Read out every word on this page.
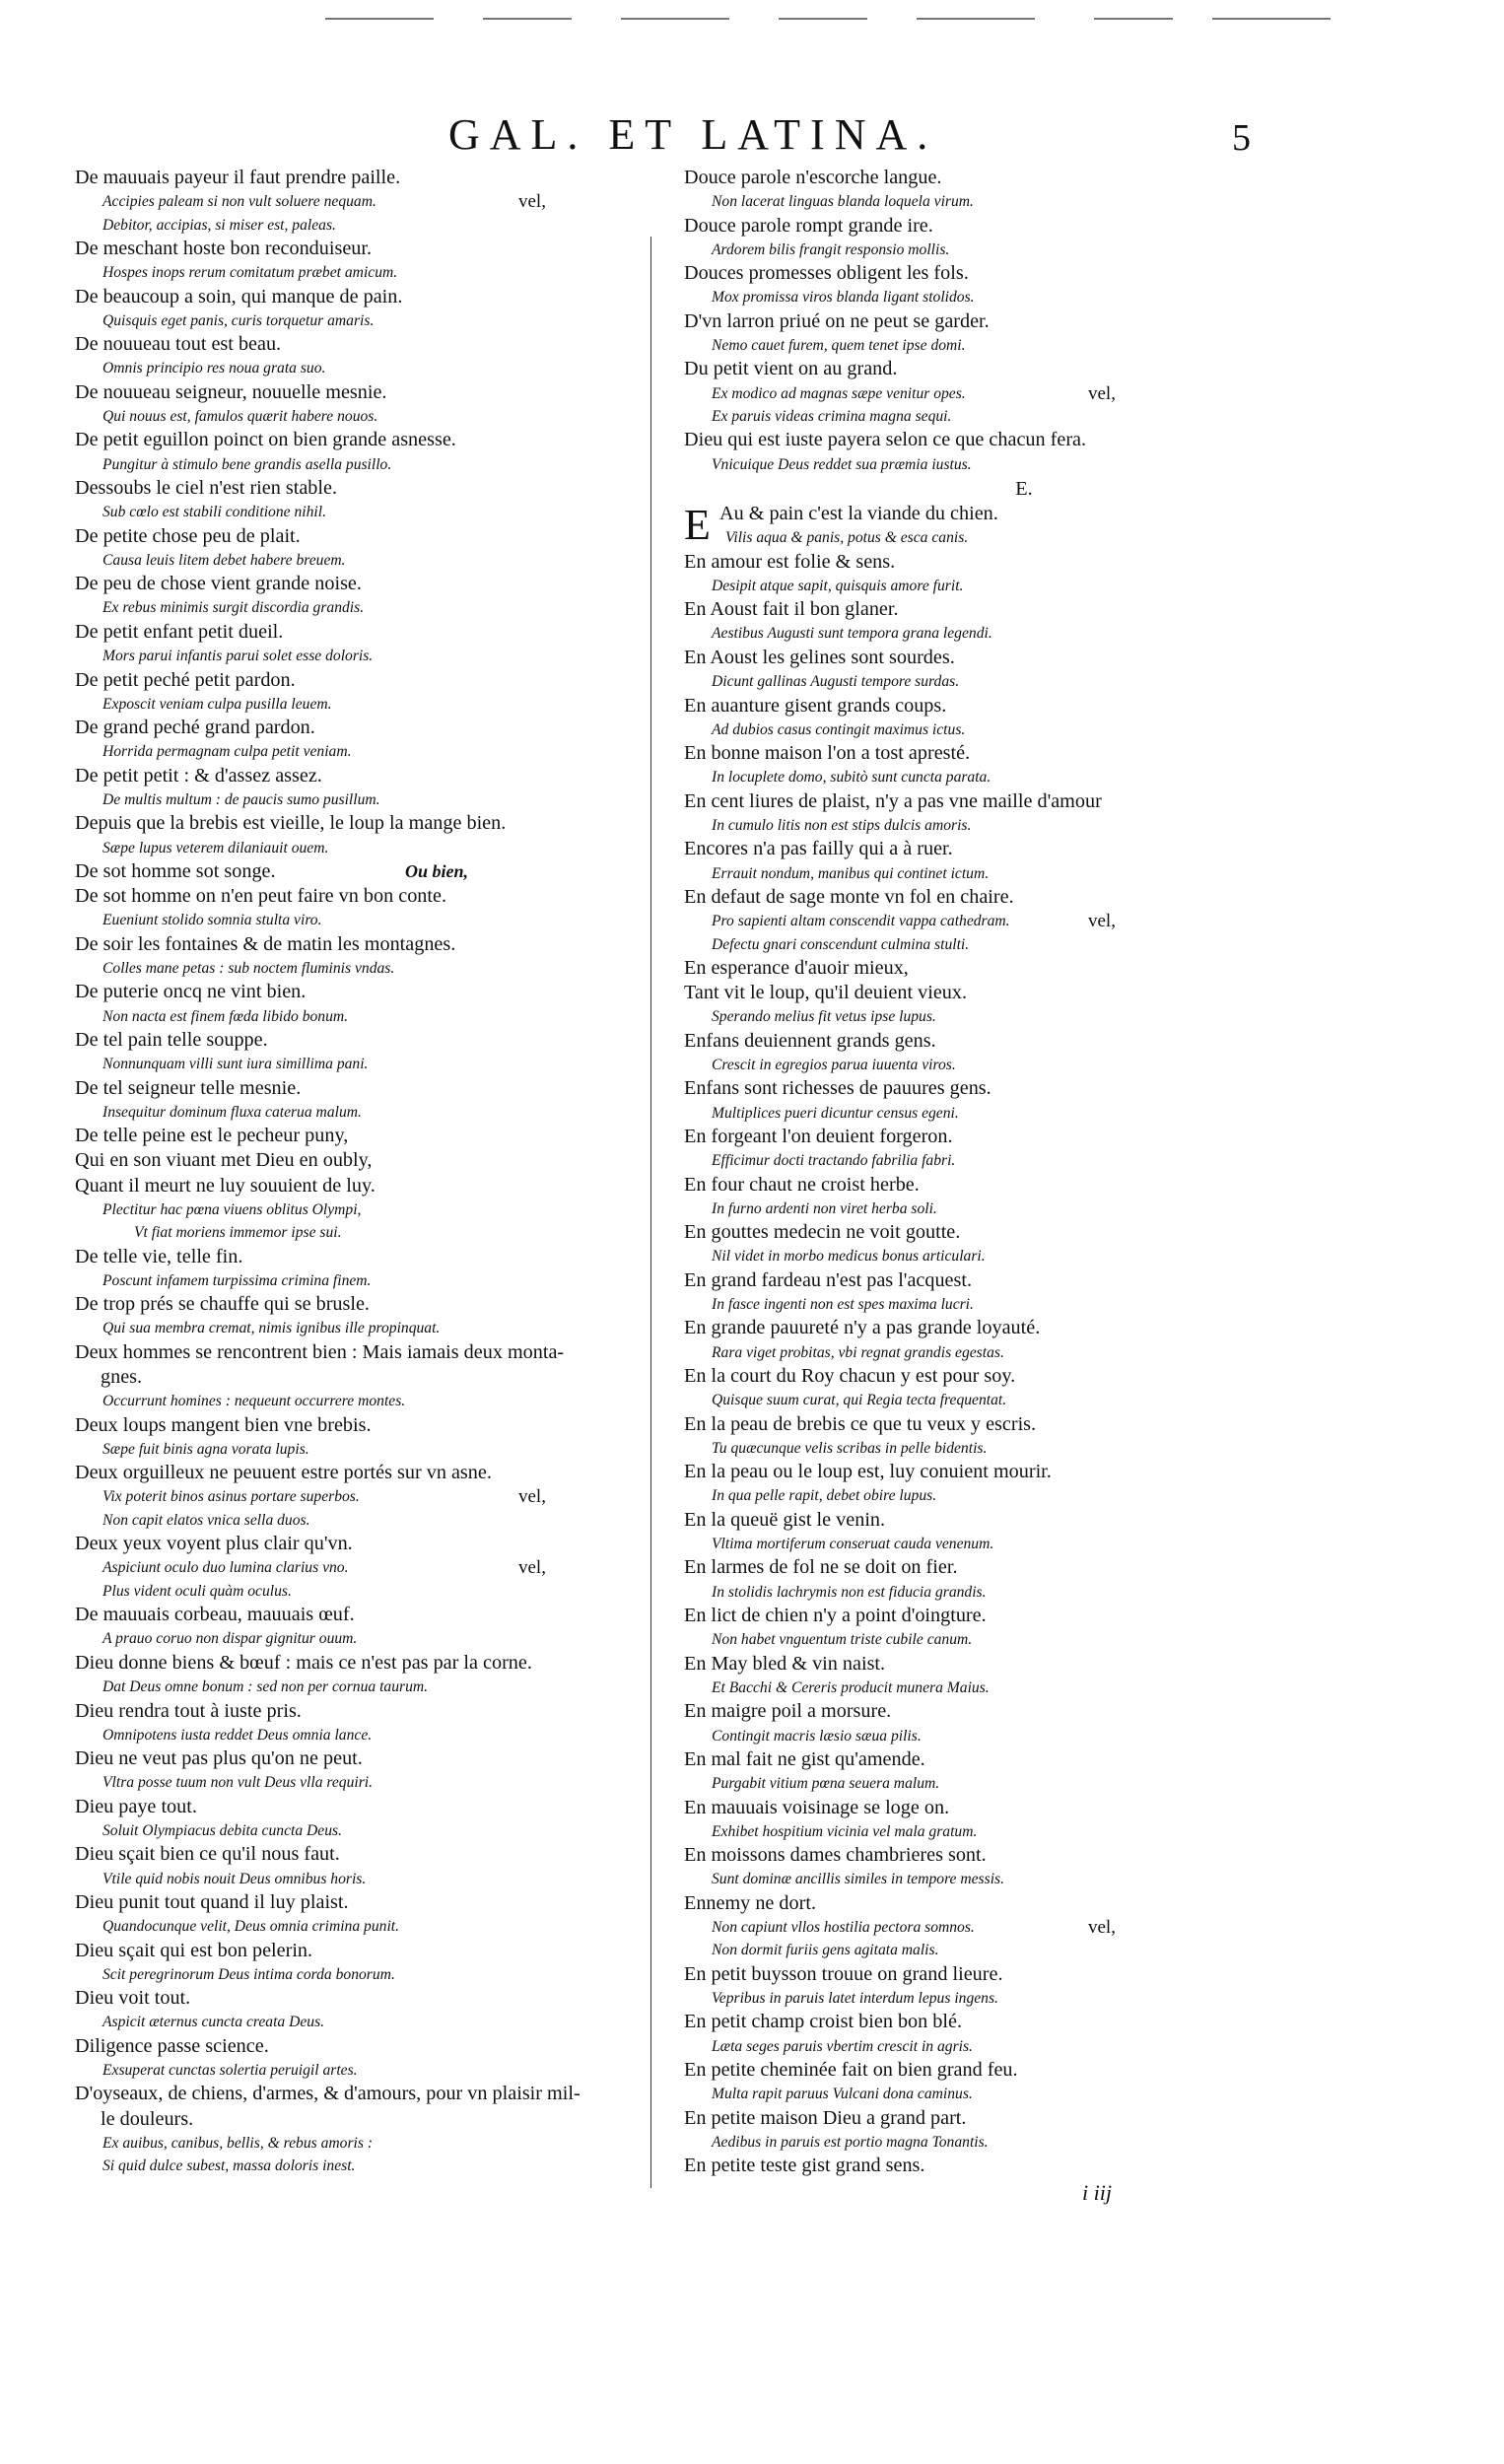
GAL. ET LATINA.	5
De mauuais payeur il faut prendre paille.
Accipies paleam si non vult soluere nequam.	vel,
Debitor, accipias, si miser est, paleas.
De meschant hoste bon reconduiseur.
Hospes inops rerum comitatum præbet amicum.
De beaucoup a soin, qui manque de pain.
Quisquis eget panis, curis torquetur amaris.
De nouueau tout est beau.
Omnis principio res noua grata suo.
De nouueau seigneur, nouuelle mesnie.
Qui nouus est, famulos quærit habere nouos.
De petit eguillon poinct on bien grande asnesse.
Pungitur à stimulo bene grandis asella pusillo.
Dessoubs le ciel n'est rien stable.
Sub cœlo est stabili conditione nihil.
De petite chose peu de plait.
Causa leuis litem debet habere breuem.
De peu de chose vient grande noise.
Ex rebus minimis surgit discordia grandis.
De petit enfant petit dueil.
Mors parui infantis parui solet esse doloris.
De petit peché petit pardon.
Exposcit veniam culpa pusilla leuem.
De grand peché grand pardon.
Horrida permagnam culpa petit veniam.
De petit petit : & d'assez assez.
De multis multum : de paucis sumo pusillum.
Depuis que la brebis est vieille, le loup la mange bien.
Sæpe lupus veterem dilaniauit ouem.
De sot homme sot songe.	Ou bien,
De sot homme on n'en peut faire vn bon conte.
Eueniunt stolido somnia stulta viro.
De soir les fontaines & de matin les montagnes.
Colles mane petas : sub noctem fluminis vndas.
De puterie oncq ne vint bien.
Non nacta est finem fœda libido bonum.
De tel pain telle souppe.
Nonnunquam villi sunt iura simillima pani.
De tel seigneur telle mesnie.
Insequitur dominum fluxa caterua malum.
De telle peine est le pecheur puny,
Qui en son viuant met Dieu en oubly,
Quant il meurt ne luy souuient de luy.
Plectitur hac pœna viuens oblitus Olympi,
Vt fiat moriens immemor ipse sui.
De telle vie, telle fin.
Poscunt infamem turpissima crimina finem.
De trop prés se chauffe qui se brusle.
Qui sua membra cremat, nimis ignibus ille propinquat.
Deux hommes se rencontrent bien : Mais iamais deux monta-
gnes.
Occurrunt homines : nequeunt occurrere montes.
Deux loups mangent bien vne brebis.
Sæpe fuit binis agna vorata lupis.
Deux orguilleux ne peuuent estre portés sur vn asne.
Vix poterit binos asinus portare superbos.	vel,
Non capit elatos vnica sella duos.
Deux yeux voyent plus clair qu'vn.
Aspiciunt oculo duo lumina clarius vno.	vel,
Plus vident oculi quàm oculus.
De mauuais corbeau, mauuais œuf.
A prauo coruo non dispar gignitur ouum.
Dieu donne biens & bœuf : mais ce n'est pas par la corne.
Dat Deus omne bonum : sed non per cornua taurum.
Dieu rendra tout à iuste pris.
Omnipotens iusta reddet Deus omnia lance.
Dieu ne veut pas plus qu'on ne peut.
Vltra posse tuum non vult Deus vlla requiri.
Dieu paye tout.
Soluit Olympiacus debita cuncta Deus.
Dieu sçait bien ce qu'il nous faut.
Vtile quid nobis nouit Deus omnibus horis.
Dieu punit tout quand il luy plaist.
Quandocunque velit, Deus omnia crimina punit.
Dieu sçait qui est bon pelerin.
Scit peregrinorum Deus intima corda bonorum.
Dieu voit tout.
Aspicit æternus cuncta creata Deus.
Diligence passe science.
Exsuperat cunctas solertia peruigil artes.
D'oyseaux, de chiens, d'armes, & d'amours, pour vn plaisir mil-
le douleurs.
Ex auibus, canibus, bellis, & rebus amoris :
Si quid dulce subest, massa doloris inest.
Douce parole n'escorche langue.
Non lacerat linguas blanda loquela virum.
Douce parole rompt grande ire.
Ardorem bilis frangit responsio mollis.
Douces promesses obligent les fols.
Mox promissa viros blanda ligant stolidos.
D'vn larron priué on ne peut se garder.
Nemo cauet furem, quem tenet ipse domi.
Du petit vient on au grand.
Ex modico ad magnas sæpe venitur opes.	vel,
Ex paruis videas crimina magna sequi.
Dieu qui est iuste payera selon ce que chacun fera.
Vnicuique Deus reddet sua præmia iustus.
E.
E Au & pain c'est la viande du chien.
Vilis aqua & panis, potus & esca canis.
En amour est folie & sens.
Desipit atque sapit, quisquis amore furit.
En Aoust fait il bon glaner.
Aestibus Augusti sunt tempora grana legendi.
En Aoust les gelines sont sourdes.
Dicunt gallinas Augusti tempore surdas.
En auanture gisent grands coups.
Ad dubios casus contingit maximus ictus.
En bonne maison l'on a tost apresté.
In locuplete domo, subitò sunt cuncta parata.
En cent liures de plaist, n'y a pas vne maille d'amour
In cumulo litis non est stips dulcis amoris.
Encores n'a pas failly qui a à ruer.
Errauit nondum, manibus qui continet ictum.
En defaut de sage monte vn fol en chaire.
Pro sapienti altam conscendit vappa cathedram.	vel,
Defectu gnari conscendunt culmina stulti.
En esperance d'auoir mieux,
Tant vit le loup, qu'il deuient vieux.
Sperando melius fit vetus ipse lupus.
Enfans deuiennent grands gens.
Crescit in egregios parua iuuenta viros.
Enfans sont richesses de pauures gens.
Multiplices pueri dicuntur census egeni.
En forgeant l'on deuient forgeron.
Efficimur docti tractando fabrilia fabri.
En four chaut ne croist herbe.
In furno ardenti non viret herba soli.
En gouttes medecin ne voit goutte.
Nil videt in morbo medicus bonus articulari.
En grand fardeau n'est pas l'acquest.
In fasce ingenti non est spes maxima lucri.
En grande pauureté n'y a pas grande loyauté.
Rara viget probitas, vbi regnat grandis egestas.
En la court du Roy chacun y est pour soy.
Quisque suum curat, qui Regia tecta frequentat.
En la peau de brebis ce que tu veux y escris.
Tu quæcunque velis scribas in pelle bidentis.
En la peau ou le loup est, luy conuient mourir.
In qua pelle rapit, debet obire lupus.
En la queuë gist le venin.
Vltima mortiferum conseruat cauda venenum.
En larmes de fol ne se doit on fier.
In stolidis lachrymis non est fiducia grandis.
En lict de chien n'y a point d'oingture.
Non habet vnguentum triste cubile canum.
En May bled & vin naist.
Et Bacchi & Cereris producit munera Maius.
En maigre poil a morsure.
Contingit macris læsio sæua pilis.
En mal fait ne gist qu'amende.
Purgabit vitium pœna seuera malum.
En mauuais voisinage se loge on.
Exhibet hospitium vicinia vel mala gratum.
En moissons dames chambrieres sont.
Sunt dominæ ancillis similes in tempore messis.
Ennemy ne dort.
Non capiunt vllos hostilia pectora somnos.	vel,
Non dormit furiis gens agitata malis.
En petit buysson trouue on grand lieure.
Vepribus in paruis latet interdum lepus ingens.
En petit champ croist bien bon blé.
Læta seges paruis vbertim crescit in agris.
En petite cheminée fait on bien grand feu.
Multa rapit paruus Vulcani dona caminus.
En petite maison Dieu a grand part.
Aedibus in paruis est portio magna Tonantis.
En petite teste gist grand sens.
i iij
